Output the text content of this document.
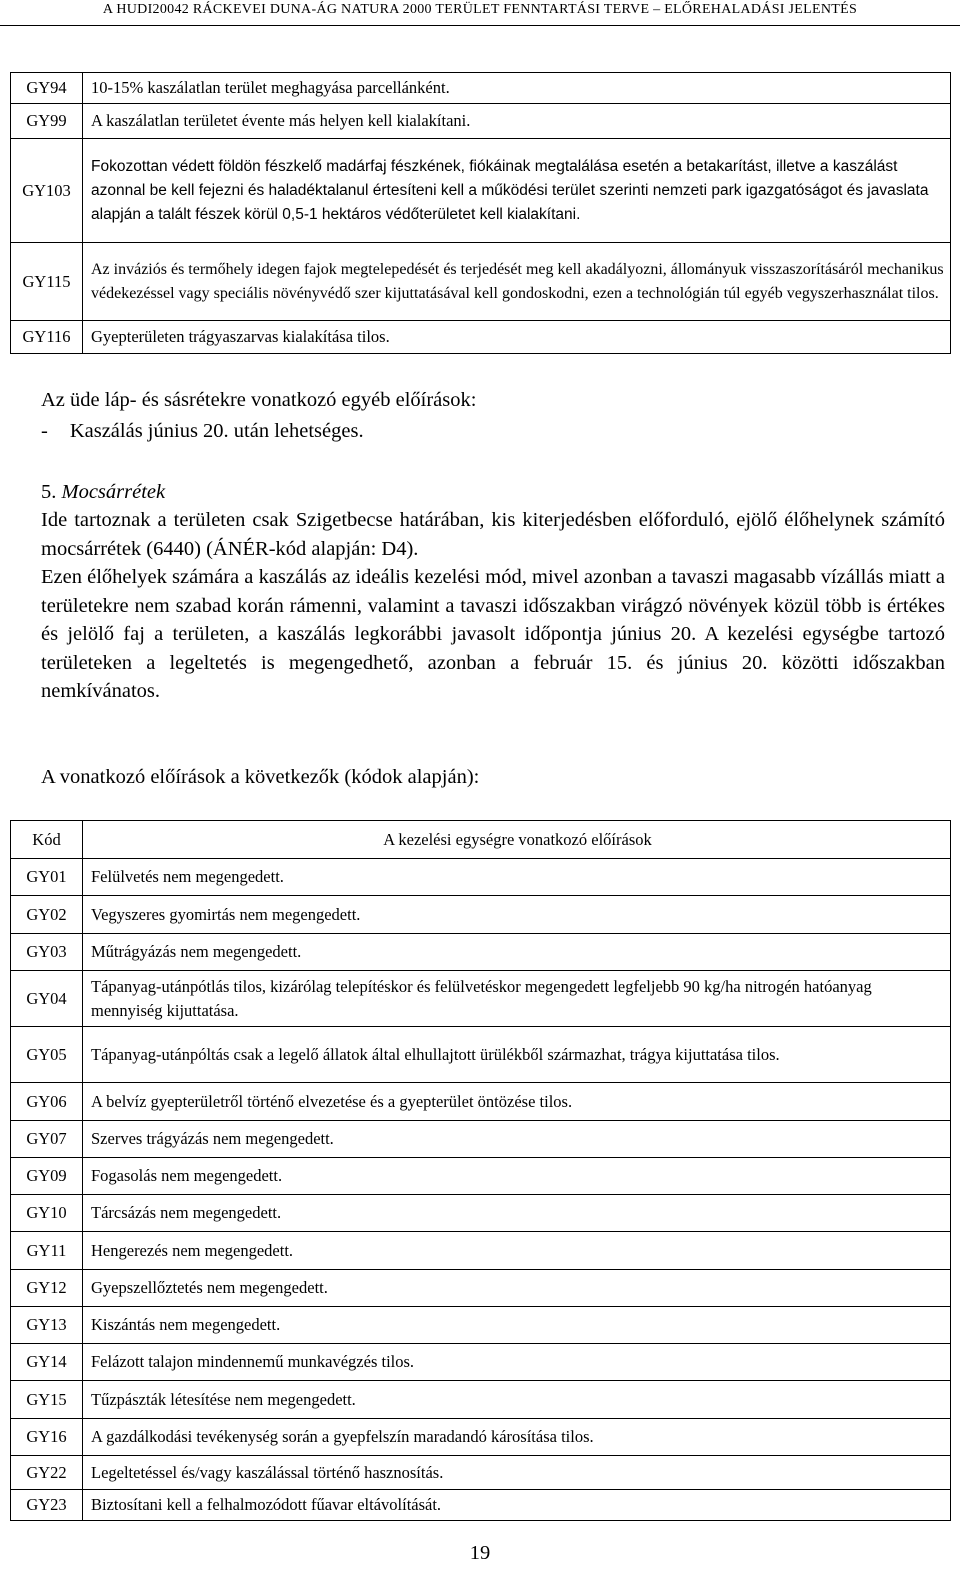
A HUDI20042 RÁCKEVEI DUNA-ÁG NATURA 2000 TERÜLET FENNTARTÁSI TERVE – ELŐREHALADÁSI JELENTÉS
GY94	10-15% kaszálatlan terület meghagyása parcellánként.
GY99	A kaszálatlan területet évente más helyen kell kialakítani.
GY103	Fokozottan védett földön fészkelő madárfaj fészkének, fiókáinak megtalálása esetén a betakarítást, illetve a kaszálást azonnal be kell fejezni és haladéktalanul értesíteni kell a működési terület szerinti nemzeti park igazgatóságot és javaslata alapján a talált fészek körül 0,5-1 hektáros védőterületet kell kialakítani.
GY115	Az inváziós és termőhely idegen fajok megtelepedését és terjedését meg kell akadályozni, állományuk visszaszorításáról mechanikus védekezéssel vagy speciális növényvédő szer kijuttatásával kell gondoskodni, ezen a technológián túl egyéb vegyszerhasználat tilos.
GY116	Gyepterületen trágyaszarvas kialakítása tilos.
Az üde láp- és sásrétekre vonatkozó egyéb előírások:
- Kaszálás június 20. után lehetséges.
5. Mocsárrétek
Ide tartoznak a területen csak Szigetbecse határában, kis kiterjedésben előforduló, ejölő élőhelynek számító mocsárrétek (6440) (ÁNÉR-kód alapján: D4).
Ezen élőhelyek számára a kaszálás az ideális kezelési mód, mivel azonban a tavaszi magasabb vízállás miatt a területekre nem szabad korán rámenni, valamint a tavaszi időszakban virágzó növények közül több is értékes és jelölő faj a területen, a kaszálás legkorábbi javasolt időpontja június 20. A kezelési egységbe tartozó területeken a legeltetés is megengedhető, azonban a február 15. és június 20. közötti időszakban nemkívánatos.
A vonatkozó előírások a következők (kódok alapján):
Kód	A kezelési egységre vonatkozó előírások
GY01	Felülvetés nem megengedett.
GY02	Vegyszeres gyomirtás nem megengedett.
GY03	Műtrágyázás nem megengedett.
GY04	Tápanyag-utánpótlás tilos, kizárólag telepítéskor és felülvetéskor megengedett legfeljebb 90 kg/ha nitrogén hatóanyag mennyiség kijuttatása.
GY05	Tápanyag-utánpóltás csak a legelő állatok által elhullajtott ürülékből származhat, trágya kijuttatása tilos.
GY06	A belvíz gyepterületről történő elvezetése és a gyepterület öntözése tilos.
GY07	Szerves trágyázás nem megengedett.
GY09	Fogasolás nem megengedett.
GY10	Tárcsázás nem megengedett.
GY11	Hengerezés nem megengedett.
GY12	Gyepszellőztetés nem megengedett.
GY13	Kiszántás nem megengedett.
GY14	Felázott talajon mindennemű munkavégzés tilos.
GY15	Tűzpászták létesítése nem megengedett.
GY16	A gazdálkodási tevékenység során a gyepfelszín maradandó károsítása tilos.
GY22	Legeltetéssel és/vagy kaszálással történő hasznosítás.
GY23	Biztosítani kell a felhalmozódott fűavar eltávolítását.
19
